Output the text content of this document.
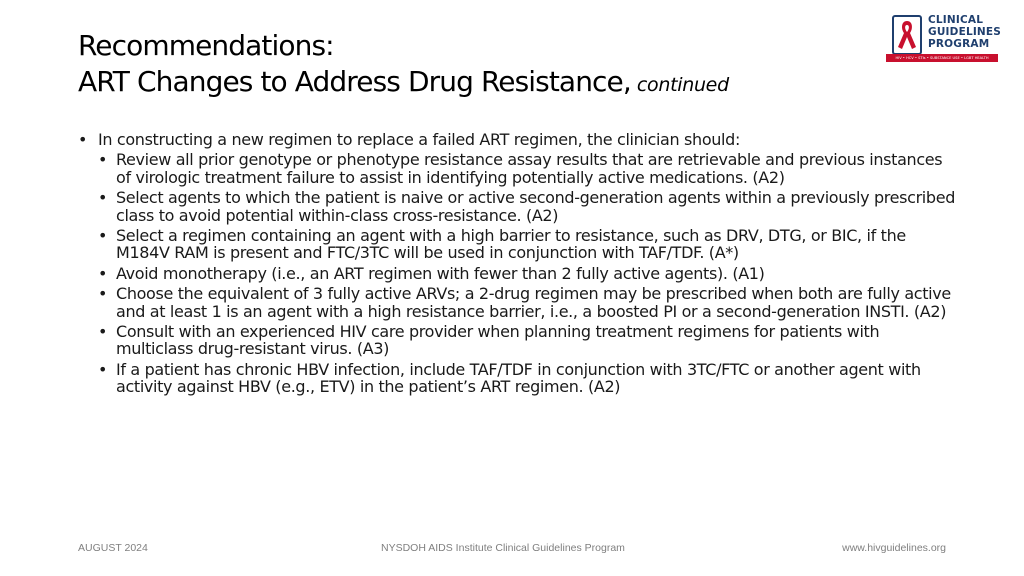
Recommendations:
ART Changes to Address Drug Resistance, continued
CLINICAL
GUIDELINES
PROGRAM
HIV • HCV • STIs • SUBSTANCE USE • LGBT HEALTH
• In constructing a new regimen to replace a failed ART regimen, the clinician should:
• Review all prior genotype or phenotype resistance assay results that are retrievable and previous instances of virologic treatment failure to assist in identifying potentially active medications. (A2)
• Select agents to which the patient is naive or active second-generation agents within a previously prescribed class to avoid potential within-class cross-resistance. (A2)
• Select a regimen containing an agent with a high barrier to resistance, such as DRV, DTG, or BIC, if the M184V RAM is present and FTC/3TC will be used in conjunction with TAF/TDF. (A*)
• Avoid monotherapy (i.e., an ART regimen with fewer than 2 fully active agents). (A1)
• Choose the equivalent of 3 fully active ARVs; a 2-drug regimen may be prescribed when both are fully active and at least 1 is an agent with a high resistance barrier, i.e., a boosted PI or a second-generation INSTI. (A2)
• Consult with an experienced HIV care provider when planning treatment regimens for patients with multiclass drug-resistant virus. (A3)
• If a patient has chronic HBV infection, include TAF/TDF in conjunction with 3TC/FTC or another agent with activity against HBV (e.g., ETV) in the patient’s ART regimen. (A2)
AUGUST 2024	NYSDOH AIDS Institute Clinical Guidelines Program	www.hivguidelines.org
